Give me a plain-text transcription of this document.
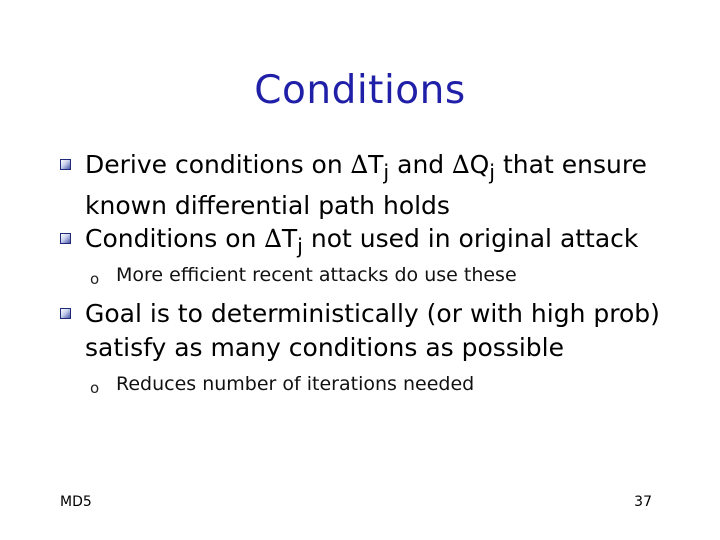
Conditions
Derive conditions on $\Delta T_j$ and $\Delta Q_j$ that ensure known differential path holds
Conditions on $\Delta T_j$ not used in original attack
o More efficient recent attacks do use these
Goal is to deterministically (or with high prob) satisfy as many conditions as possible
o Reduces number of iterations needed
MD5	37
